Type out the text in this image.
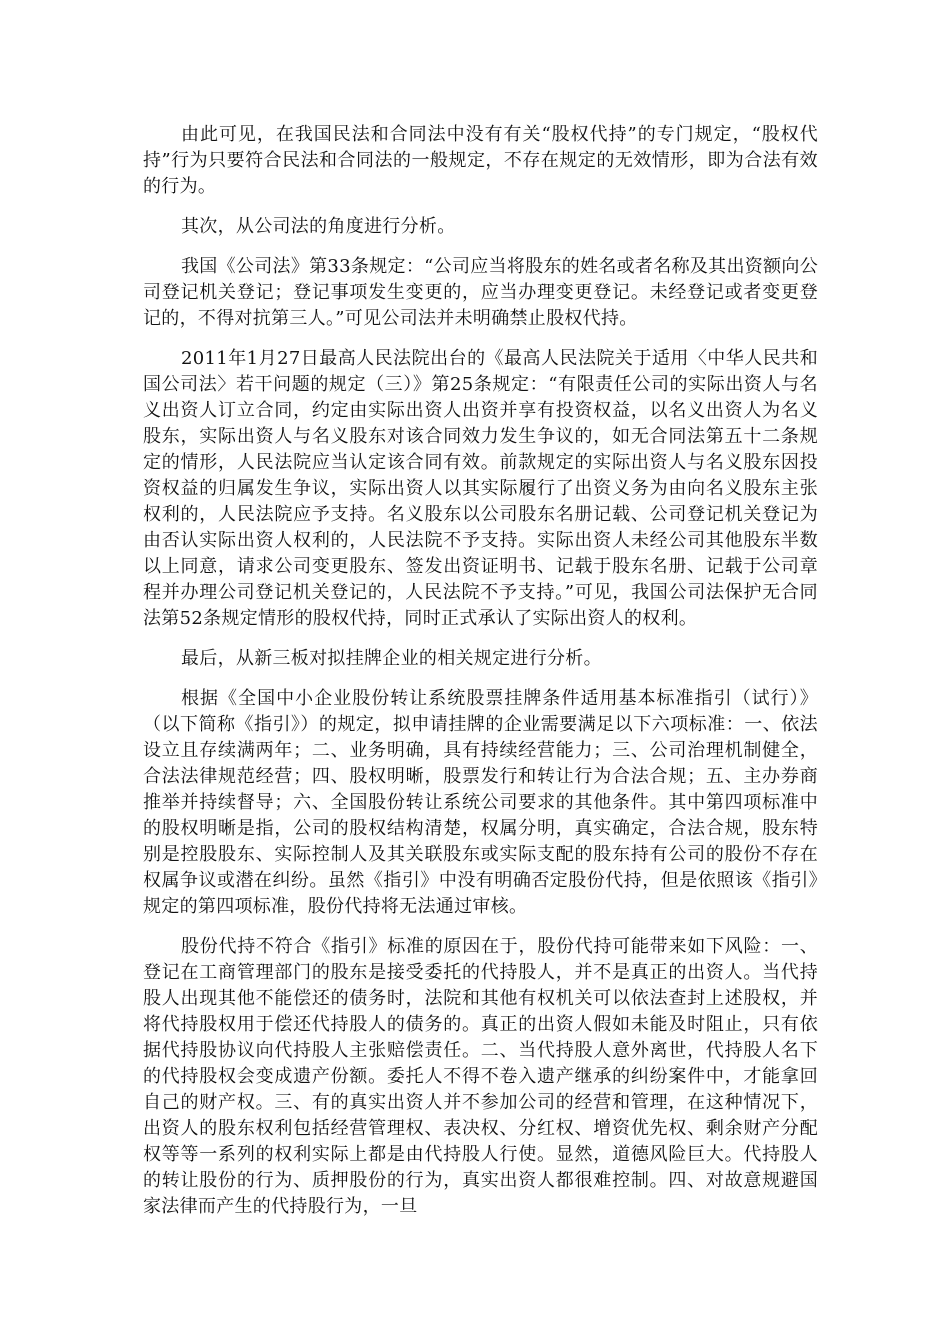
由此可见，在我国民法和合同法中没有有关“股权代持”的专门规定，“股权代持”行为只要符合民法和合同法的一般规定，不存在规定的无效情形，即为合法有效的行为。

其次，从公司法的角度进行分析。

我国《公司法》第33条规定：“公司应当将股东的姓名或者名称及其出资额向公司登记机关登记；登记事项发生变更的，应当办理变更登记。未经登记或者变更登记的，不得对抗第三人。”可见公司法并未明确禁止股权代持。

2011年1月27日最高人民法院出台的《最高人民法院关于适用〈中华人民共和国公司法〉若干问题的规定（三）》第25条规定：“有限责任公司的实际出资人与名义出资人订立合同，约定由实际出资人出资并享有投资权益，以名义出资人为名义股东，实际出资人与名义股东对该合同效力发生争议的，如无合同法第五十二条规定的情形，人民法院应当认定该合同有效。前款规定的实际出资人与名义股东因投资权益的归属发生争议，实际出资人以其实际履行了出资义务为由向名义股东主张权利的，人民法院应予支持。名义股东以公司股东名册记载、公司登记机关登记为由否认实际出资人权利的，人民法院不予支持。实际出资人未经公司其他股东半数以上同意，请求公司变更股东、签发出资证明书、记载于股东名册、记载于公司章程并办理公司登记机关登记的，人民法院不予支持。”可见，我国公司法保护无合同法第52条规定情形的股权代持，同时正式承认了实际出资人的权利。

最后，从新三板对拟挂牌企业的相关规定进行分析。

根据《全国中小企业股份转让系统股票挂牌条件适用基本标准指引（试行）》（以下简称《指引》）的规定，拟申请挂牌的企业需要满足以下六项标准：一、依法设立且存续满两年；二、业务明确，具有持续经营能力；三、公司治理机制健全，合法法律规范经营；四、股权明晰，股票发行和转让行为合法合规；五、主办券商推举并持续督导；六、全国股份转让系统公司要求的其他条件。其中第四项标准中的股权明晰是指，公司的股权结构清楚，权属分明，真实确定，合法合规，股东特别是控股股东、实际控制人及其关联股东或实际支配的股东持有公司的股份不存在权属争议或潜在纠纷。虽然《指引》中没有明确否定股份代持，但是依照该《指引》规定的第四项标准，股份代持将无法通过审核。

股份代持不符合《指引》标准的原因在于，股份代持可能带来如下风险：一、登记在工商管理部门的股东是接受委托的代持股人，并不是真正的出资人。当代持股人出现其他不能偿还的债务时，法院和其他有权机关可以依法查封上述股权，并将代持股权用于偿还代持股人的债务的。真正的出资人假如未能及时阻止，只有依据代持股协议向代持股人主张赔偿责任。二、当代持股人意外离世，代持股人名下的代持股权会变成遗产份额。委托人不得不卷入遗产继承的纠纷案件中，才能拿回自己的财产权。三、有的真实出资人并不参加公司的经营和管理，在这种情况下，出资人的股东权利包括经营管理权、表决权、分红权、增资优先权、剩余财产分配权等等一系列的权利实际上都是由代持股人行使。显然，道德风险巨大。代持股人的转让股份的行为、质押股份的行为，真实出资人都很难控制。四、对故意规避国家法律而产生的代持股行为，一旦
